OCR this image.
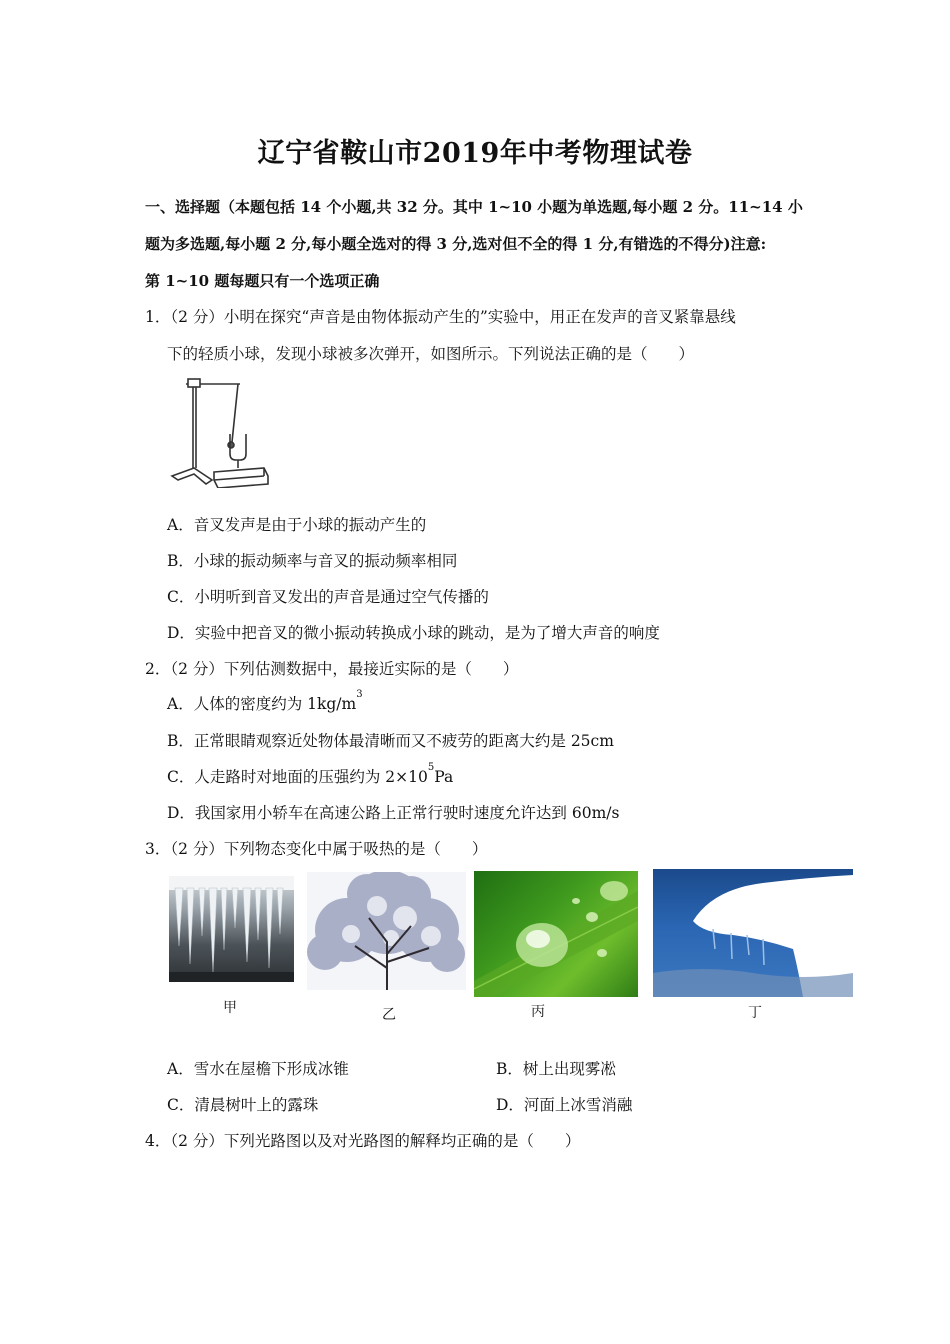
辽宁省鞍山市2019年中考物理试卷
一、选择题（本题包括 14 个小题,共 32 分。其中 1~10 小题为单选题,每小题 2 分。11~14 小
题为多选题,每小题 2 分,每小题全选对的得 3 分,选对但不全的得 1 分,有错选的不得分)注意:
第 1~10 题每题只有一个选项正确
1．（2 分）小明在探究“声音是由物体振动产生的”实验中，用正在发声的音叉紧靠悬线
下的轻质小球，发现小球被多次弹开，如图所示。下列说法正确的是（　　）
A．音叉发声是由于小球的振动产生的
B．小球的振动频率与音叉的振动频率相同
C．小明听到音叉发出的声音是通过空气传播的
D．实验中把音叉的微小振动转换成小球的跳动，是为了增大声音的响度
2．（2 分）下列估测数据中，最接近实际的是（　　）
A．人体的密度约为 $1kg/m^3$
B．正常眼睛观察近处物体最清晰而又不疲劳的距离大约是 25cm
C．人走路时对地面的压强约为 $2\times 10^5Pa$
D．我国家用小轿车在高速公路上正常行驶时速度允许达到 60m/s
3．（2 分）下列物态变化中属于吸热的是（　　）
甲	乙	丙	丁
A．雪水在屋檐下形成冰锥	B．树上出现雾凇
C．清晨树叶上的露珠	D．河面上冰雪消融
4．（2 分）下列光路图以及对光路图的解释均正确的是（　　）
